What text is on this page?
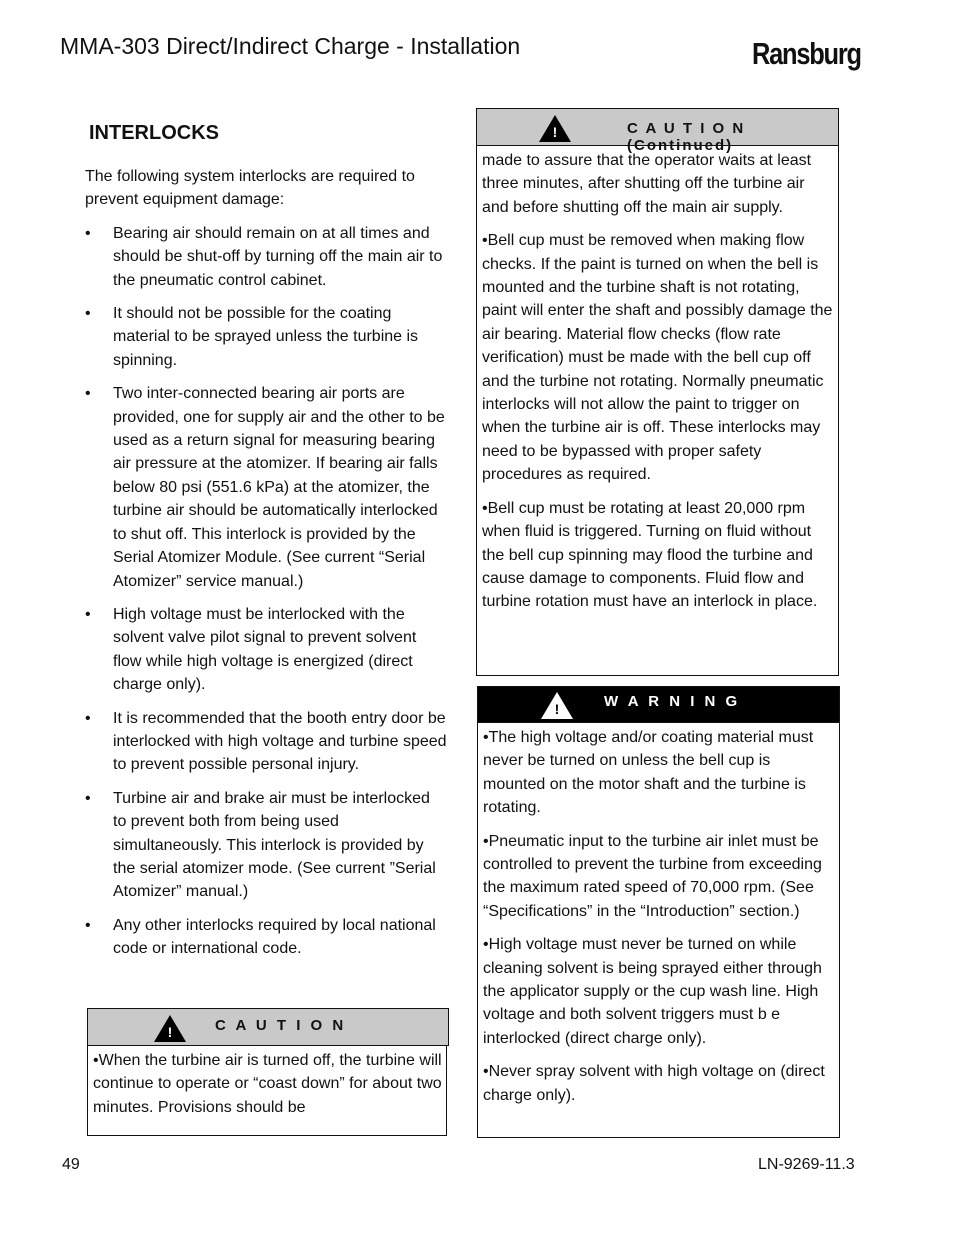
MMA-303 Direct/Indirect Charge - Installation	Ransburg
INTERLOCKS

The following system interlocks are required to prevent equipment damage:

• Bearing air should remain on at all times and should be shut-off by turning off the main air to the pneumatic control cabinet.
• It should not be possible for the coating material to be sprayed unless the turbine is spinning.
• Two inter-connected bearing air ports are provided, one for supply air and the other to be used as a return signal for measuring bearing air pressure at the atomizer. If bearing air falls below 80 psi (551.6 kPa) at the atomizer, the turbine air should be automatically interlocked to shut off. This interlock is provided by the Serial Atomizer Module. (See current “Serial Atomizer” service manual.)
• High voltage must be interlocked with the solvent valve pilot signal to prevent solvent flow while high voltage is energized (direct charge only).
• It is recommended that the booth entry door be interlocked with high voltage and turbine speed to prevent possible personal injury.
• Turbine air and brake air must be interlocked to prevent both from being used simultaneously. This interlock is provided by the serial atomizer mode. (See current ”Serial Atomizer” manual.)
• Any other interlocks required by local national code or international code.
!	C A U T I O N

•When the turbine air is turned off, the turbine will continue to operate or “coast down” for about two minutes. Provisions should be

!	C A U T I O N (Continued)

made to assure that the operator waits at least three minutes, after shutting off the turbine air and before shutting off the main air supply.

•Bell cup must be removed when making flow checks. If the paint is turned on when the bell is mounted and the turbine shaft is not rotating, paint will enter the shaft and possibly damage the air bearing. Material flow checks (flow rate verification) must be made with the bell cup off and the turbine not rotating. Normally pneumatic interlocks will not allow the paint to trigger on when the turbine air is off. These interlocks may need to be bypassed with proper safety procedures as required.

•Bell cup must be rotating at least 20,000 rpm when fluid is triggered. Turning on fluid without the bell cup spinning may flood the turbine and cause damage to components. Fluid flow and turbine rotation must have an interlock in place.

!	W A R N I N G

•The high voltage and/or coating material must never be turned on unless the bell cup is mounted on the motor shaft and the turbine is rotating.

•Pneumatic input to the turbine air inlet must be controlled to prevent the turbine from exceeding the maximum rated speed of 70,000 rpm. (See “Specifications” in the “Introduction” section.)

•High voltage must never be turned on while cleaning solvent is being sprayed either through the applicator supply or the cup wash line. High voltage and both solvent triggers must b e interlocked (direct charge only).

•Never spray solvent with high voltage on (direct charge only).

49	LN-9269-11.3
